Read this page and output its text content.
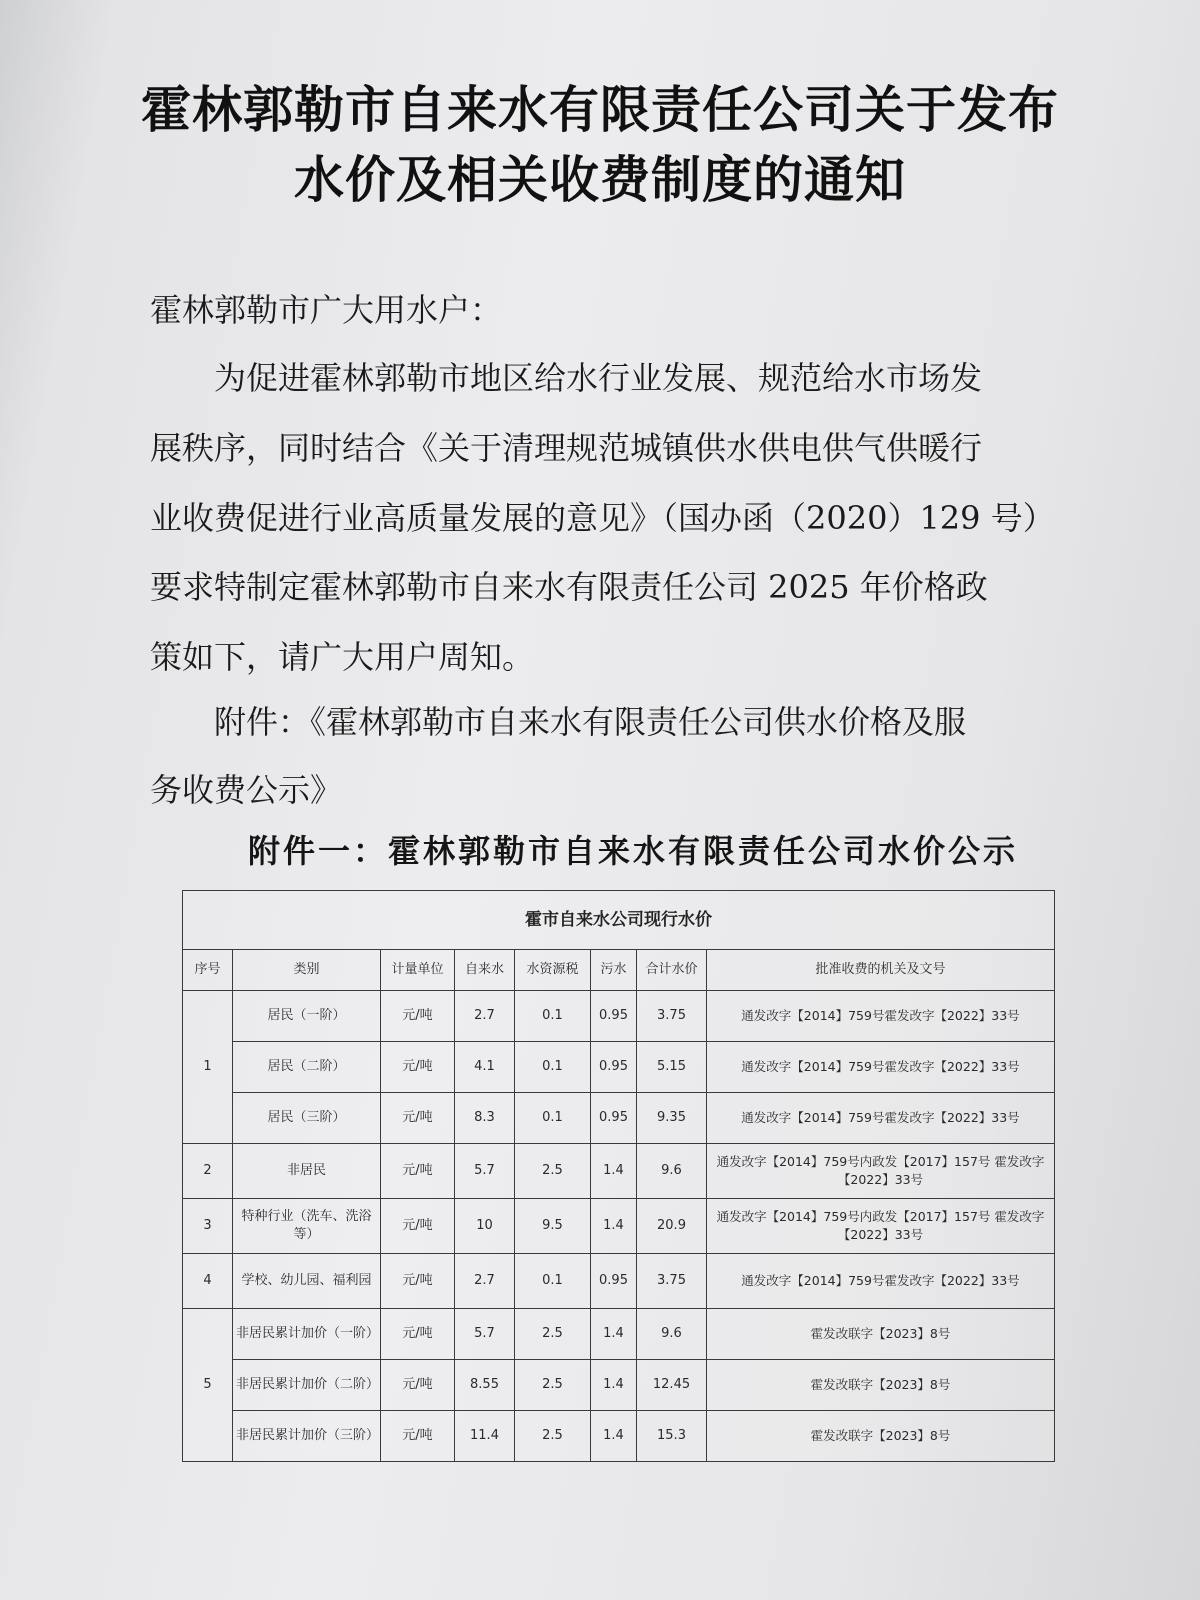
霍林郭勒市自来水有限责任公司关于发布
水价及相关收费制度的通知
霍林郭勒市广大用水户：
　　为促进霍林郭勒市地区给水行业发展、规范给水市场发
展秩序，同时结合《关于清理规范城镇供水供电供气供暖行
业收费促进行业高质量发展的意见》（国办函（2020）129 号）
要求特制定霍林郭勒市自来水有限责任公司 2025 年价格政
策如下，请广大用户周知。
　　附件：《霍林郭勒市自来水有限责任公司供水价格及服
务收费公示》
附件一：霍林郭勒市自来水有限责任公司水价公示
霍市自来水公司现行水价							
序号	类别	计量单位	自来水	水资源税	污水	合计水价	批准收费的机关及文号
1	居民（一阶）	元/吨	2.7	0.1	0.95	3.75	通发改字【2014】759号霍发改字【2022】33号
	居民（二阶）	元/吨	4.1	0.1	0.95	5.15	通发改字【2014】759号霍发改字【2022】33号
	居民（三阶）	元/吨	8.3	0.1	0.95	9.35	通发改字【2014】759号霍发改字【2022】33号
2	非居民	元/吨	5.7	2.5	1.4	9.6	通发改字【2014】759号内政发【2017】157号 霍发改字【2022】33号
3	特种行业（洗车、洗浴等）	元/吨	10	9.5	1.4	20.9	通发改字【2014】759号内政发【2017】157号 霍发改字【2022】33号
4	学校、幼儿园、福利园	元/吨	2.7	0.1	0.95	3.75	通发改字【2014】759号霍发改字【2022】33号
5	非居民累计加价（一阶）	元/吨	5.7	2.5	1.4	9.6	霍发改联字【2023】8号
	非居民累计加价（二阶）	元/吨	8.55	2.5	1.4	12.45	霍发改联字【2023】8号
	非居民累计加价（三阶）	元/吨	11.4	2.5	1.4	15.3	霍发改联字【2023】8号
